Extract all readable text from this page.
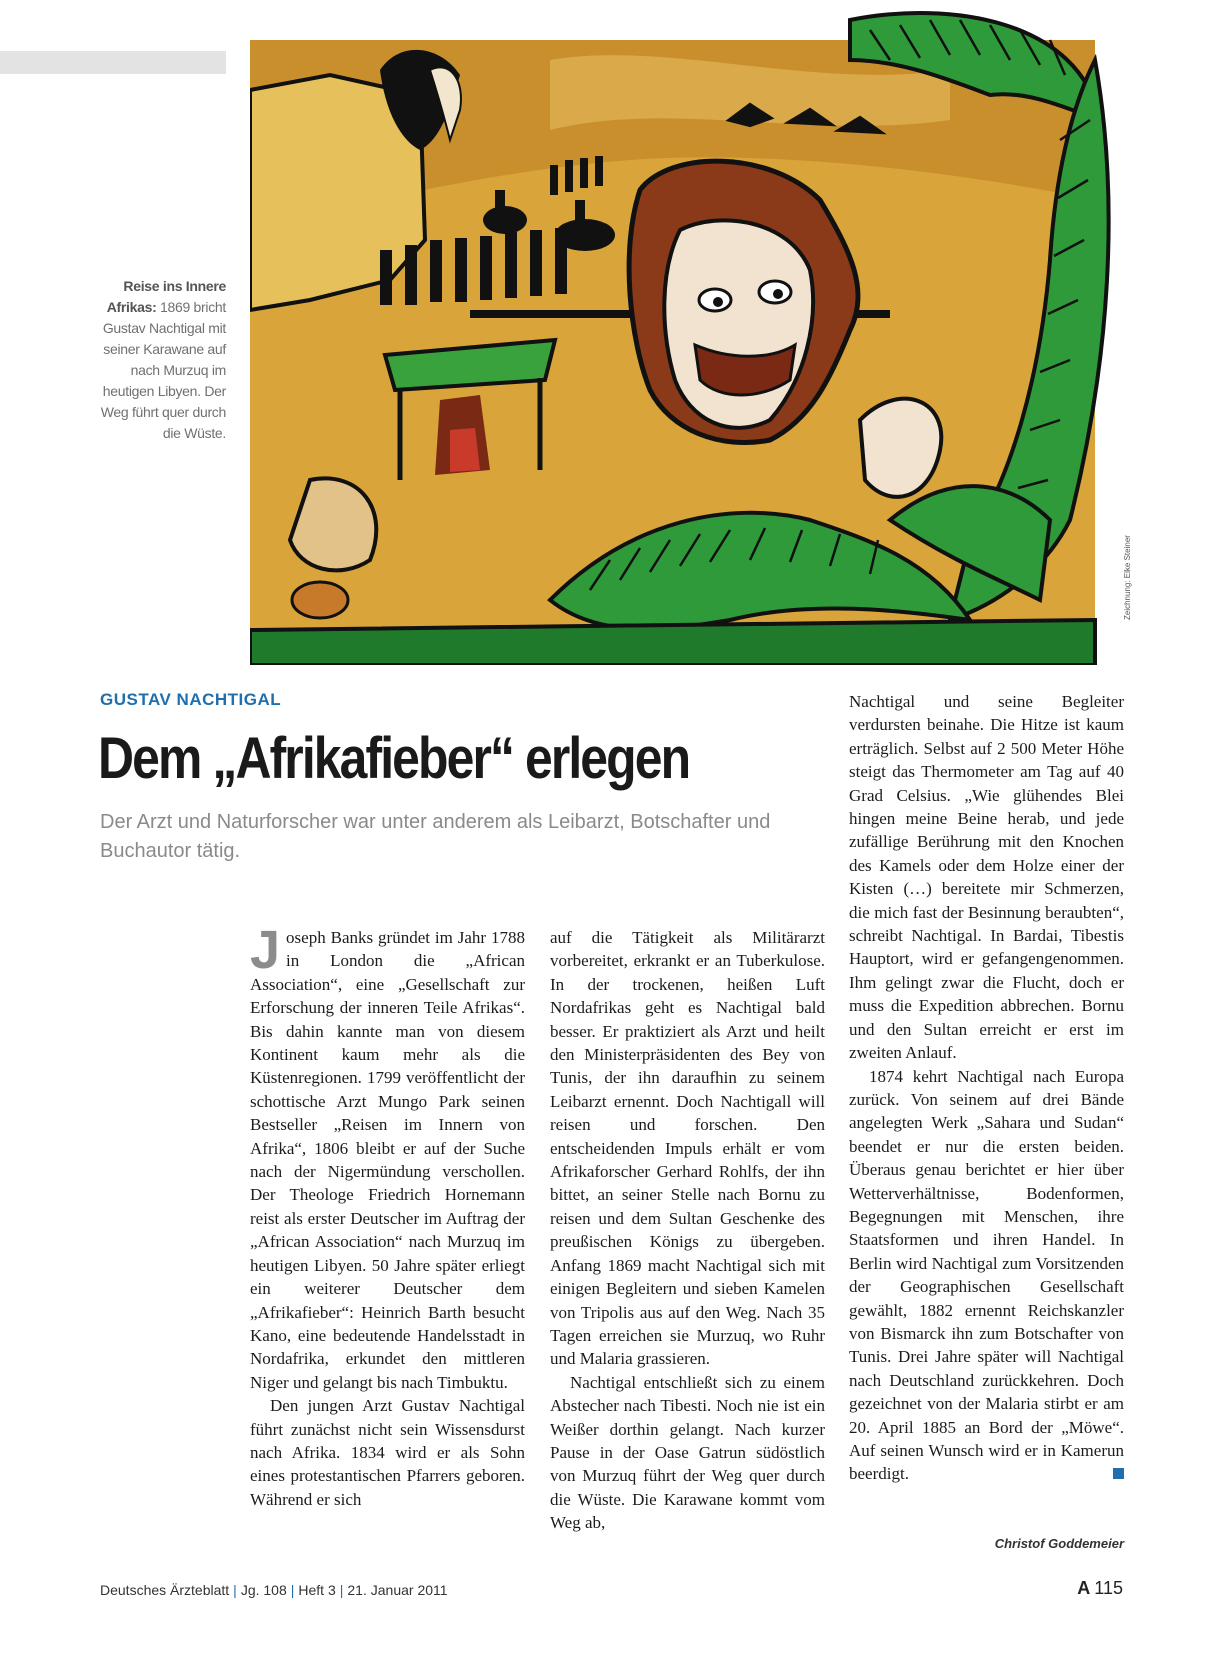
Zeichnung: Elke Steiner
Reise ins Innere Afrikas: 1869 bricht Gustav Nachtigal mit seiner Karawane auf nach Murzuq im heutigen Libyen. Der Weg führt quer durch die Wüste.
GUSTAV NACHTIGAL
Dem „Afrikafieber“ erlegen
Der Arzt und Naturforscher war unter anderem als Leibarzt, Botschafter und Buchautor tätig.

Joseph Banks gründet im Jahr 1788 in London die „African Association“, eine „Gesellschaft zur Erforschung der inneren Teile Afrikas“. Bis dahin kannte man von diesem Kontinent kaum mehr als die Küstenregionen. 1799 veröffentlicht der schottische Arzt Mungo Park seinen Bestseller „Reisen im Innern von Afrika“, 1806 bleibt er auf der Suche nach der Nigermündung verschollen. Der Theologe Friedrich Hornemann reist als erster Deutscher im Auftrag der „African Association“ nach Murzuq im heutigen Libyen. 50 Jahre später erliegt ein weiterer Deutscher dem „Afrikafieber“: Heinrich Barth besucht Kano, eine bedeutende Handelsstadt in Nordafrika, erkundet den mittleren Niger und gelangt bis nach Timbuktu.

Den jungen Arzt Gustav Nachtigal führt zunächst nicht sein Wissensdurst nach Afrika. 1834 wird er als Sohn eines protestantischen Pfarrers geboren. Während er sich

auf die Tätigkeit als Militärarzt vorbereitet, erkrankt er an Tuberkulose. In der trockenen, heißen Luft Nordafrikas geht es Nachtigal bald besser. Er praktiziert als Arzt und heilt den Ministerpräsidenten des Bey von Tunis, der ihn daraufhin zu seinem Leibarzt ernennt. Doch Nachtigall will reisen und forschen. Den entscheidenden Impuls erhält er vom Afrikaforscher Gerhard Rohlfs, der ihn bittet, an seiner Stelle nach Bornu zu reisen und dem Sultan Geschenke des preußischen Königs zu übergeben. Anfang 1869 macht Nachtigal sich mit einigen Begleitern und sieben Kamelen von Tripolis aus auf den Weg. Nach 35 Tagen erreichen sie Murzuq, wo Ruhr und Malaria grassieren.

Nachtigal entschließt sich zu einem Abstecher nach Tibesti. Noch nie ist ein Weißer dorthin gelangt. Nach kurzer Pause in der Oase Gatrun südöstlich von Murzuq führt der Weg quer durch die Wüste. Die Karawane kommt vom Weg ab,

Nachtigal und seine Begleiter verdursten beinahe. Die Hitze ist kaum erträglich. Selbst auf 2 500 Meter Höhe steigt das Thermometer am Tag auf 40 Grad Celsius. „Wie glühendes Blei hingen meine Beine herab, und jede zufällige Berührung mit den Knochen des Kamels oder dem Holze einer der Kisten (…) bereitete mir Schmerzen, die mich fast der Besinnung beraubten“, schreibt Nachtigal. In Bardai, Tibestis Hauptort, wird er gefangengenommen. Ihm gelingt zwar die Flucht, doch er muss die Expedition abbrechen. Bornu und den Sultan erreicht er erst im zweiten Anlauf.

1874 kehrt Nachtigal nach Europa zurück. Von seinem auf drei Bände angelegten Werk „Sahara und Sudan“ beendet er nur die ersten beiden. Überaus genau berichtet er hier über Wetterverhältnisse, Bodenformen, Begegnungen mit Menschen, ihre Staatsformen und ihren Handel. In Berlin wird Nachtigal zum Vorsitzenden der Geographischen Gesellschaft gewählt, 1882 ernennt Reichskanzler von Bismarck ihn zum Botschafter von Tunis. Drei Jahre später will Nachtigal nach Deutschland zurückkehren. Doch gezeichnet von der Malaria stirbt er am 20. April 1885 an Bord der „Möwe“. Auf seinen Wunsch wird er in Kamerun beerdigt.

Christof Goddemeier
Deutsches Ärzteblatt | Jg. 108 | Heft 3 | 21. Januar 2011	A 115
